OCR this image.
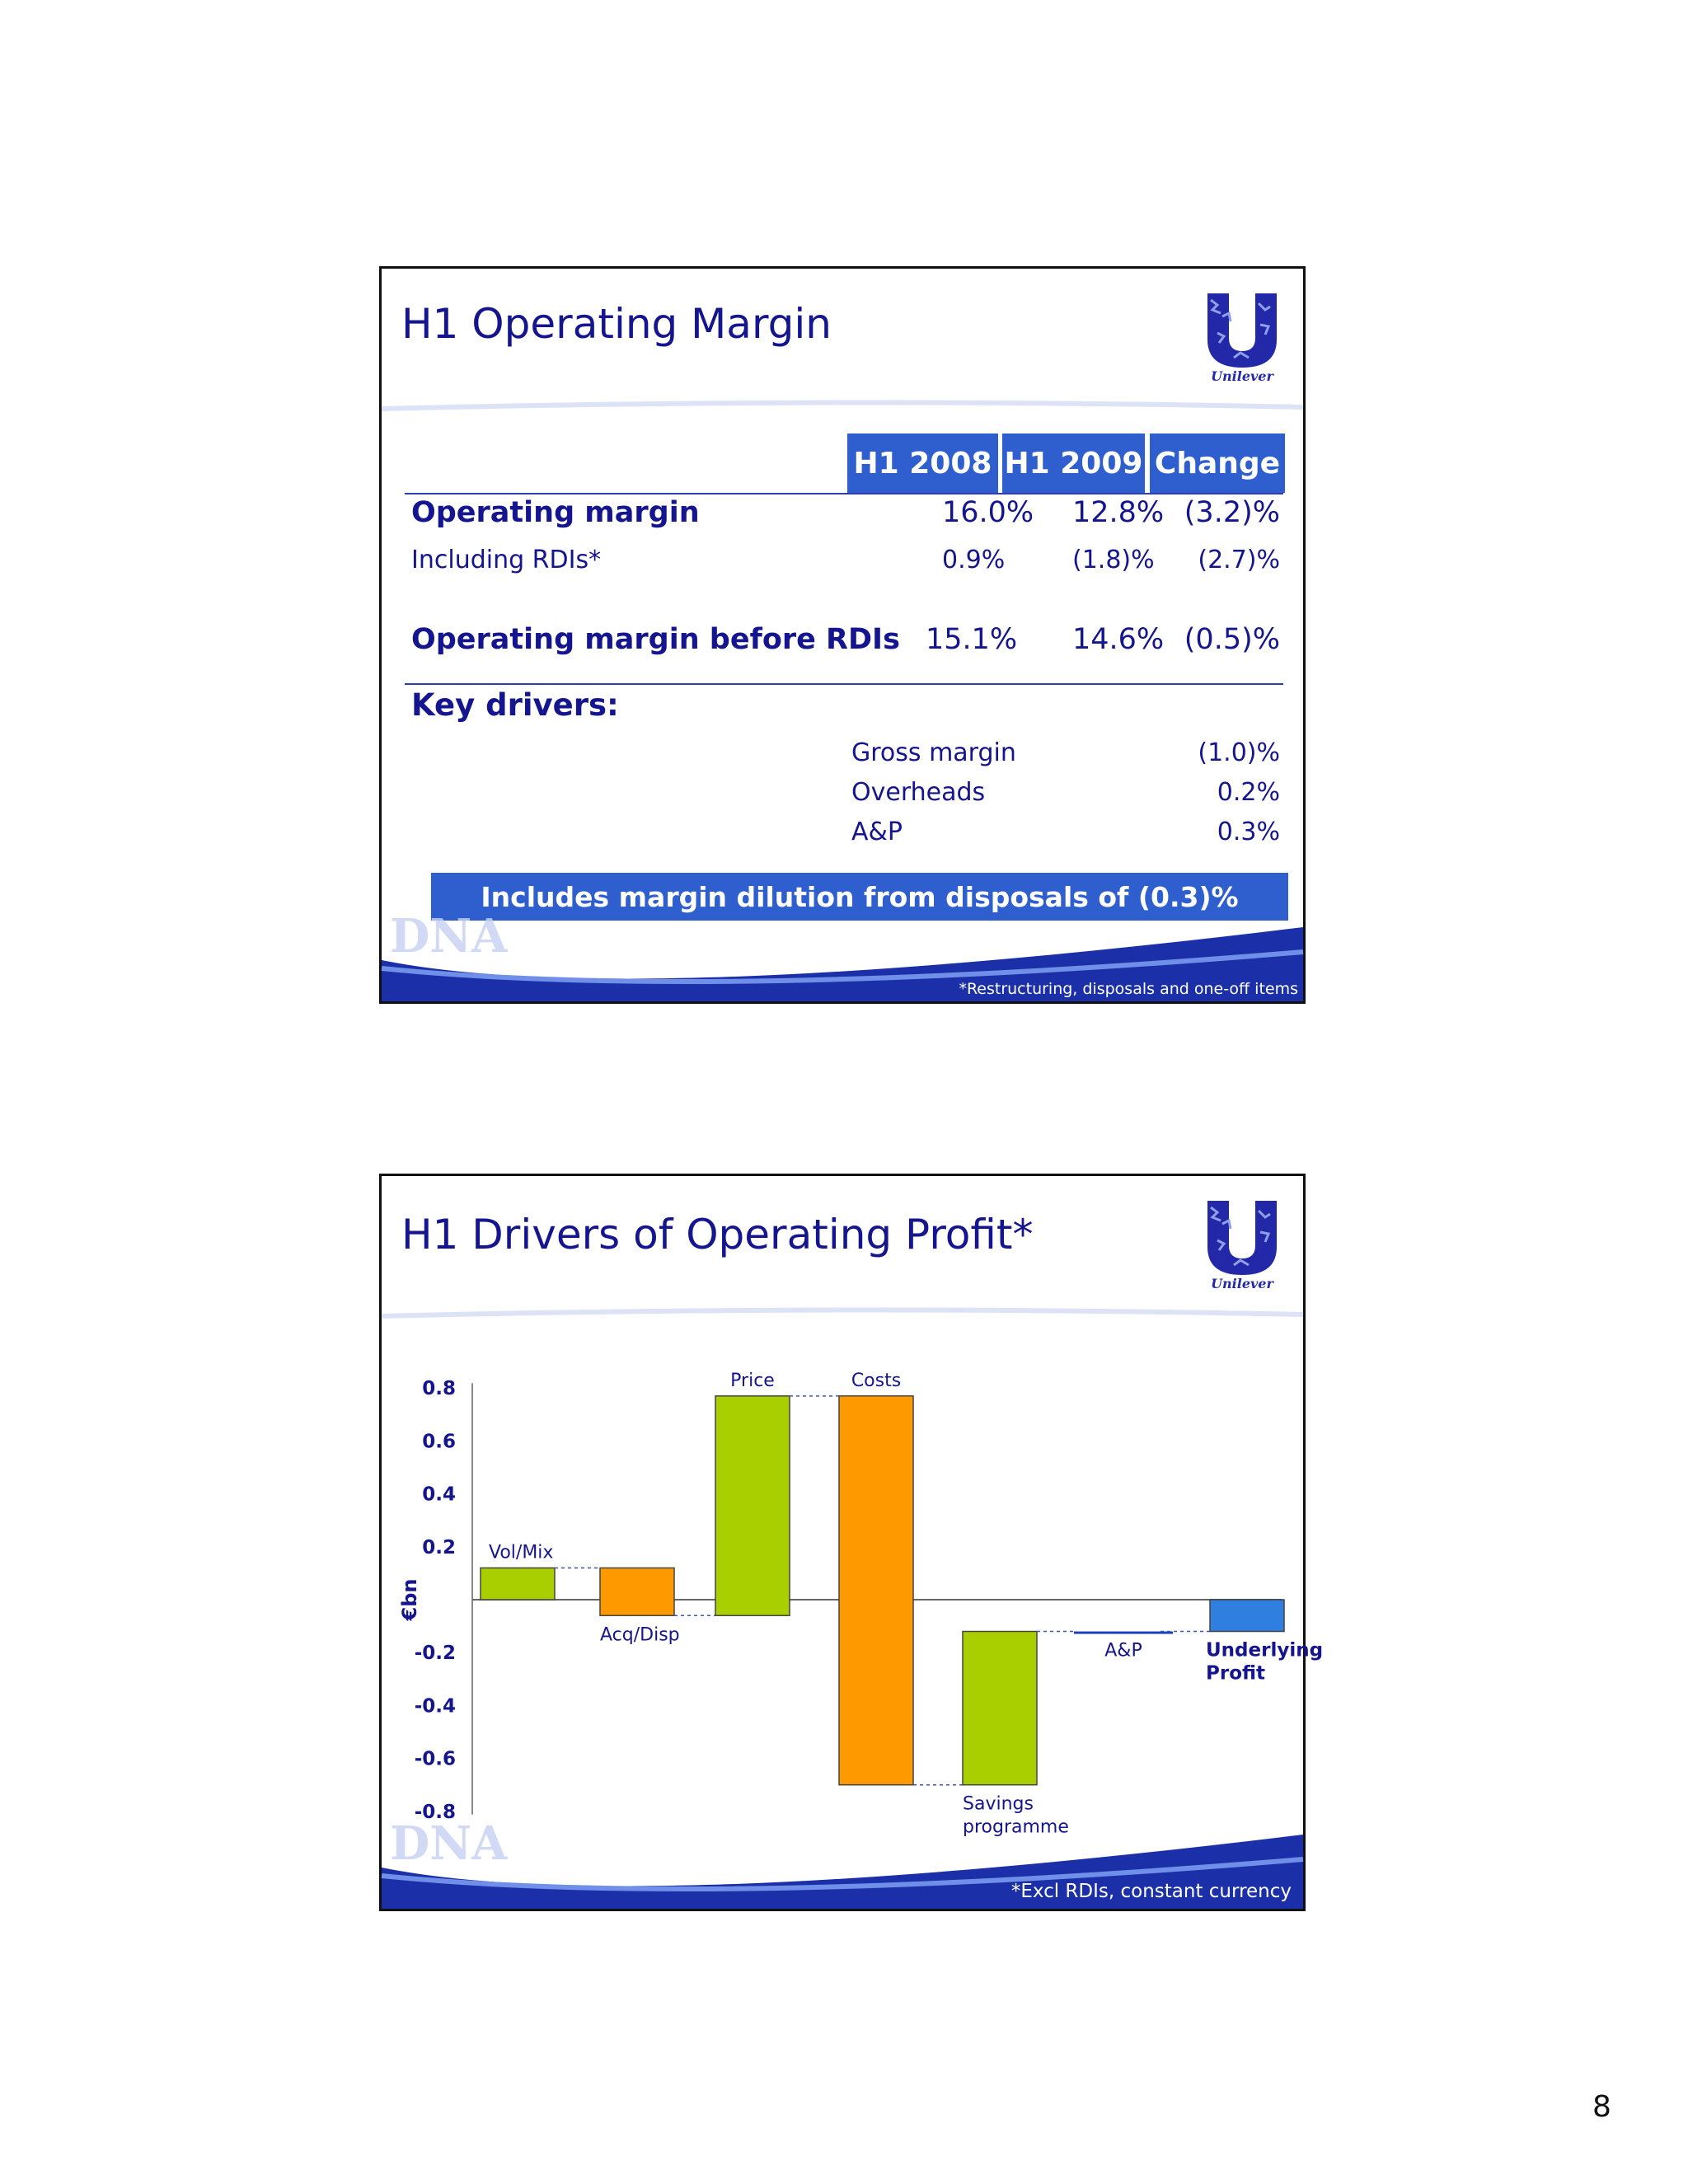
H1 Operating Margin
Unilever
H1 2008 H1 2009 Change
Operating margin	16.0% 12.8% (3.2)%
Including RDIs*	0.9%	(1.8)%	(2.7)%
Operating margin before RDIs 15.1% 14.6% (0.5)%
Key drivers:
Gross margin	(1.0)%
Overheads	0.2%
A&P	0.3%
Includes margin dilution from disposals of (0.3)%
DNA
*Restructuring, disposals and one-off items
H1 Drivers of Operating Profit*
Unilever
DNA
0.8
0.6
0.4
0.2
-0.2
-0.4
-0.6
-0.8
€bn
Vol/Mix
Acq/Disp
Price	Costs
Savings
programme
A&P	Underlying
Profit
*Excl RDIs, constant currency
8
